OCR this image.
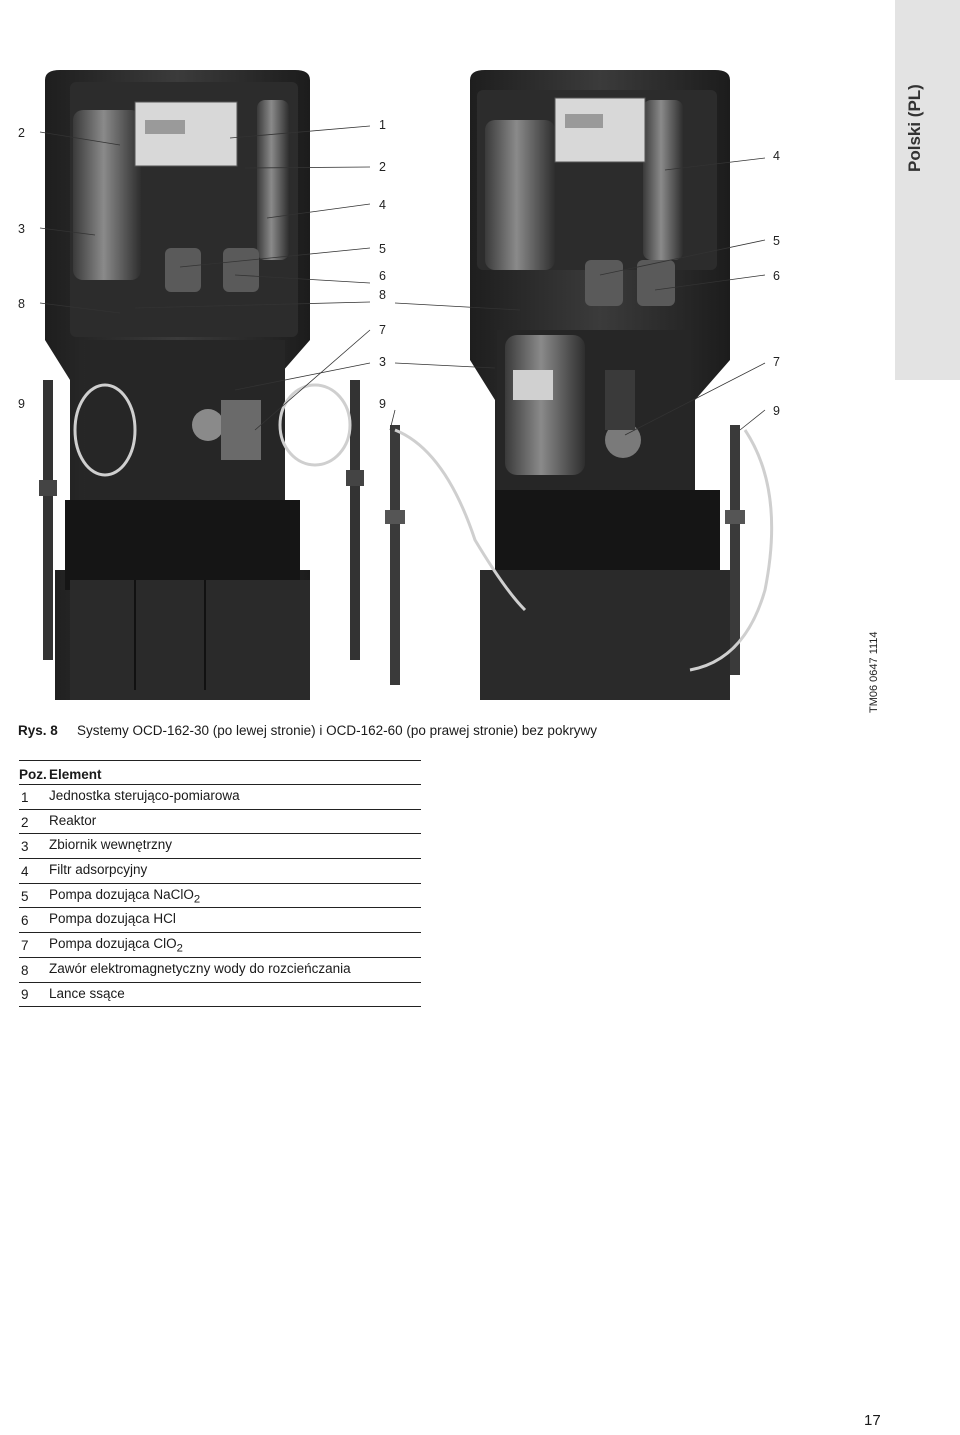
Polski (PL)
TM06 0647 1114
2
3
8
9
1
2
4
5
6
8
7
3
9
4
5
6
7
9
Rys. 8 Systemy OCD-162-30 (po lewej stronie) i OCD-162-60 (po prawej stronie) bez pokrywy
Poz.	Element
1	Jednostka sterująco-pomiarowa
2	Reaktor
3	Zbiornik wewnętrzny
4	Filtr adsorpcyjny
5	Pompa dozująca NaClO$_2$
6	Pompa dozująca HCl
7	Pompa dozująca ClO$_2$
8	Zawór elektromagnetyczny wody do rozcieńczania
9	Lance ssące
17
